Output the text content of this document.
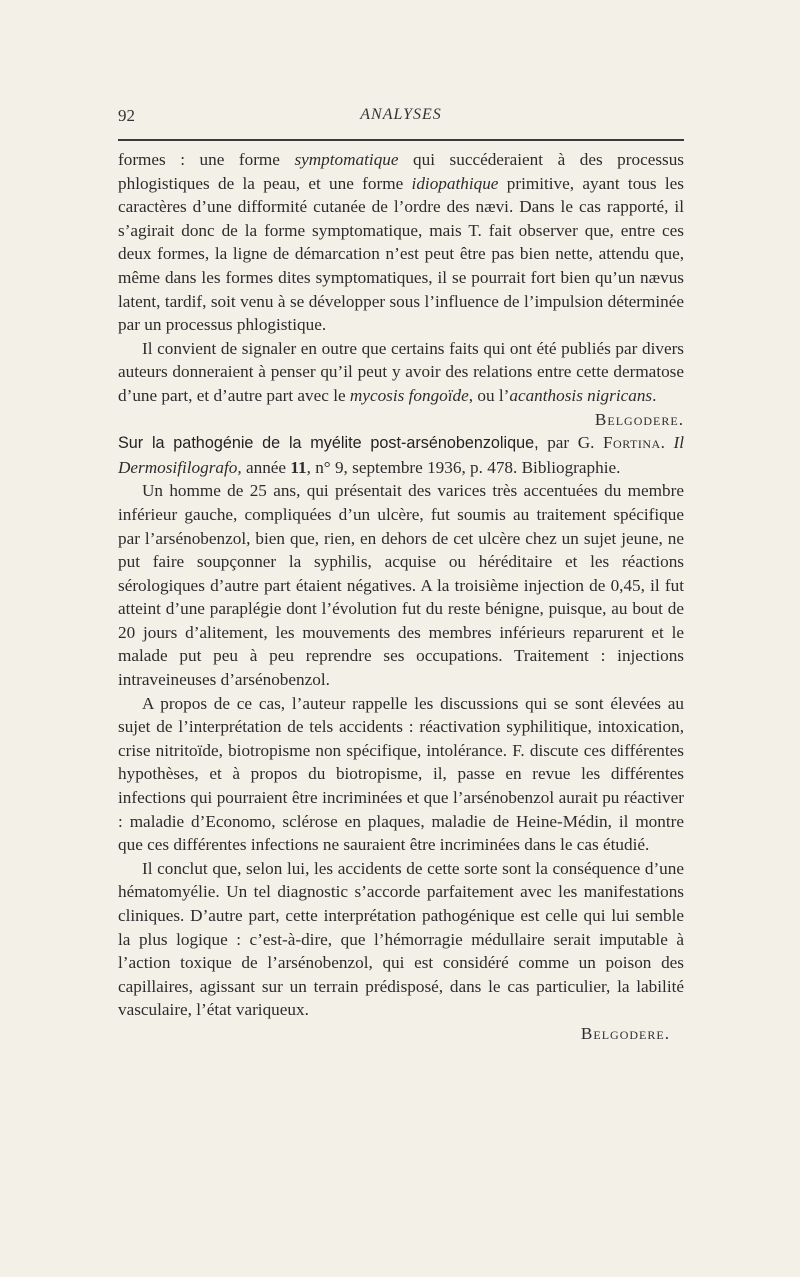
92	ANALYSES

formes : une forme symptomatique qui succéderaient à des processus phlogistiques de la peau, et une forme idiopathique primitive, ayant tous les caractères d’une difformité cutanée de l’ordre des nævi. Dans le cas rapporté, il s’agirait donc de la forme symptomatique, mais T. fait observer que, entre ces deux formes, la ligne de démarcation n’est peut être pas bien nette, attendu que, même dans les formes dites symptomatiques, il se pourrait fort bien qu’un nævus latent, tardif, soit venu à se développer sous l’influence de l’impulsion déterminée par un processus phlogistique.

Il convient de signaler en outre que certains faits qui ont été publiés par divers auteurs donneraient à penser qu’il peut y avoir des relations entre cette dermatose d’une part, et d’autre part avec le mycosis fongoïde, ou l’acanthosis nigricans.
Belgodere.

Sur la pathogénie de la myélite post-arsénobenzolique, par G. Fortina. Il Dermosifilografo, année 11, n° 9, septembre 1936, p. 478. Bibliographie.

Un homme de 25 ans, qui présentait des varices très accentuées du membre inférieur gauche, compliquées d’un ulcère, fut soumis au traitement spécifique par l’arsénobenzol, bien que, rien, en dehors de cet ulcère chez un sujet jeune, ne put faire soupçonner la syphilis, acquise ou héréditaire et les réactions sérologiques d’autre part étaient négatives. A la troisième injection de 0,45, il fut atteint d’une paraplégie dont l’évolution fut du reste bénigne, puisque, au bout de 20 jours d’alitement, les mouvements des membres inférieurs reparurent et le malade put peu à peu reprendre ses occupations. Traitement : injections intraveineuses d’arsénobenzol.

A propos de ce cas, l’auteur rappelle les discussions qui se sont élevées au sujet de l’interprétation de tels accidents : réactivation syphilitique, intoxication, crise nitritoïde, biotropisme non spécifique, intolérance. F. discute ces différentes hypothèses, et à propos du biotropisme, il, passe en revue les différentes infections qui pourraient être incriminées et que l’arsénobenzol aurait pu réactiver : maladie d’Economo, sclérose en plaques, maladie de Heine-Médin, il montre que ces différentes infections ne sauraient être incriminées dans le cas étudié.

Il conclut que, selon lui, les accidents de cette sorte sont la conséquence d’une hématomyélie. Un tel diagnostic s’accorde parfaitement avec les manifestations cliniques. D’autre part, cette interprétation pathogénique est celle qui lui semble la plus logique : c’est-à-dire, que l’hémorragie médullaire serait imputable à l’action toxique de l’arsénobenzol, qui est considéré comme un poison des capillaires, agissant sur un terrain prédisposé, dans le cas particulier, la labilité vasculaire, l’état variqueux.

Belgodere.
